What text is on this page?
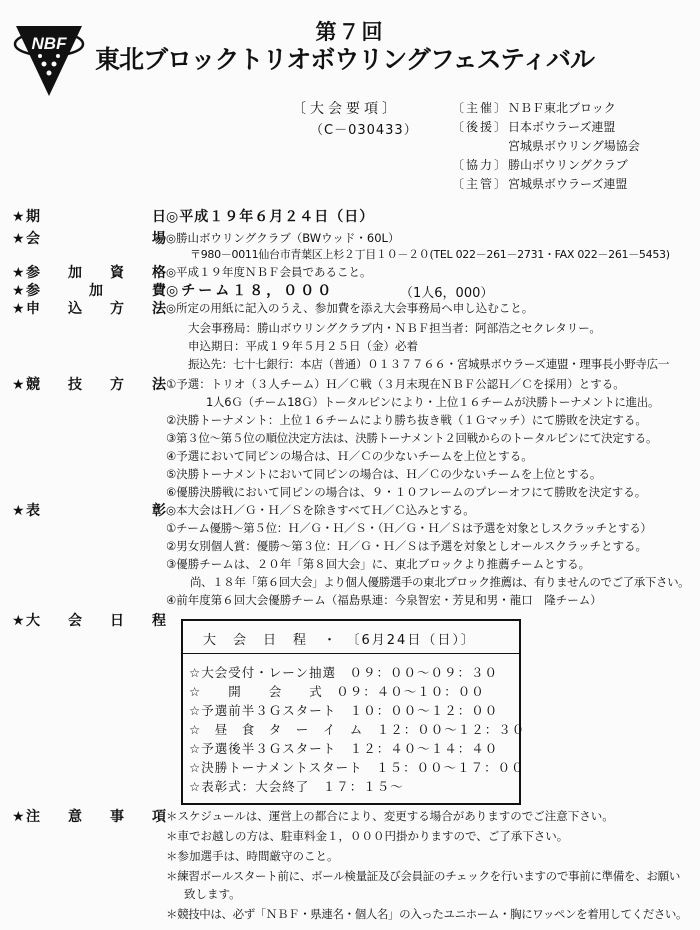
NBF	第７回
東北ブロックトリオボウリングフェスティバル
〔大会要項〕
（C－030433）
〔主催〕ＮＢＦ東北ブロック
〔後援〕日本ボウラーズ連盟
宮城県ボウリング場協会
〔協力〕勝山ボウリングクラブ
〔主管〕宮城県ボウラーズ連盟
★期日
★会場
★参加資格
★参加費
★申込方法
★競技方法
★表彰
★大会日程
★注意事項
◎平成１９年６月２４日（日）
◎勝山ボウリングクラブ（BWウッド・60L）
〒980－0011仙台市青葉区上杉２丁目１０－２０(TEL 022－261－2731・FAX 022－261－5453)
◎平成１９年度ＮＢＦ会員であること。
◎チーム１８，０００	（1人6，000）
◎所定の用紙に記入のうえ、参加費を添え大会事務局へ申し込むこと。
大会事務局：勝山ボウリングクラブ内・ＮＢＦ担当者：阿部浩之セクレタリー。
申込期日：平成１９年５月２５日（金）必着
振込先：七十七銀行：本店（普通）０１３７７６６・宮城県ボウラーズ連盟・理事長小野寺広一
①予選：トリオ（３人チーム）Ｈ／Ｃ戦（３月末現在ＮＢＦ公認Ｈ／Ｃを採用）とする。
1人6Ｇ（チーム18Ｇ）トータルピンにより・上位１６チームが決勝トーナメントに進出。
②決勝トーナメント：上位１６チームにより勝ち抜き戦（１Ｇマッチ）にて勝敗を決定する。
③第３位～第５位の順位決定方法は、決勝トーナメント２回戦からのトータルピンにて決定する。
④予選において同ピンの場合は、Ｈ／Ｃの少ないチームを上位とする。
⑤決勝トーナメントにおいて同ピンの場合は、Ｈ／Ｃの少ないチームを上位とする。
⑥優勝決勝戦において同ピンの場合は、９・１０フレームのプレーオフにて勝敗を決定する。
◎本大会はＨ／Ｇ・Ｈ／Ｓを除きすべてＨ／Ｃ込みとする。
①チーム優勝～第５位：Ｈ／Ｇ・Ｈ／Ｓ・（Ｈ／Ｇ・Ｈ／Ｓは予選を対象としスクラッチとする）
②男女別個人賞：優勝～第３位：Ｈ／Ｇ・Ｈ／Ｓは予選を対象としオールスクラッチとする。
③優勝チームは、２０年「第８回大会」に、東北ブロックより推薦チームとする。
尚、１８年「第６回大会」より個人優勝選手の東北ブロック推薦は、有りませんのでご了承下さい。
④前年度第６回大会優勝チーム（福島県連：今泉智宏・芳見和男・龍口　隆チーム）
大　会　日　程　・　〔6月24日（日）〕
☆大会受付・レーン抽選　０９：００～０９：３０
☆　　開　　会　　式　０９：４０～１０：００
☆予選前半３Ｇスタート　１０：００～１２：００
☆　昼　食　タ　ー　イ　ム　１２：００～１２：３０
☆予選後半３Ｇスタート　１２：４０～１４：４０
☆決勝トーナメントスタート　１５：００～１７：００
☆表彰式：大会終了　１７：１５～
＊スケジュールは、運営上の都合により、変更する場合がありますのでご注意下さい。
＊車でお越しの方は、駐車料金１，０００円掛かりますので、ご了承下さい。
＊参加選手は、時間厳守のこと。
＊練習ボールスタート前に、ボール検量証及び会員証のチェックを行いますので事前に準備を、お願い
致します。
＊競技中は、必ず「ＮＢＦ・県連名・個人名」の入ったユニホーム・胸にワッペンを着用してください。
